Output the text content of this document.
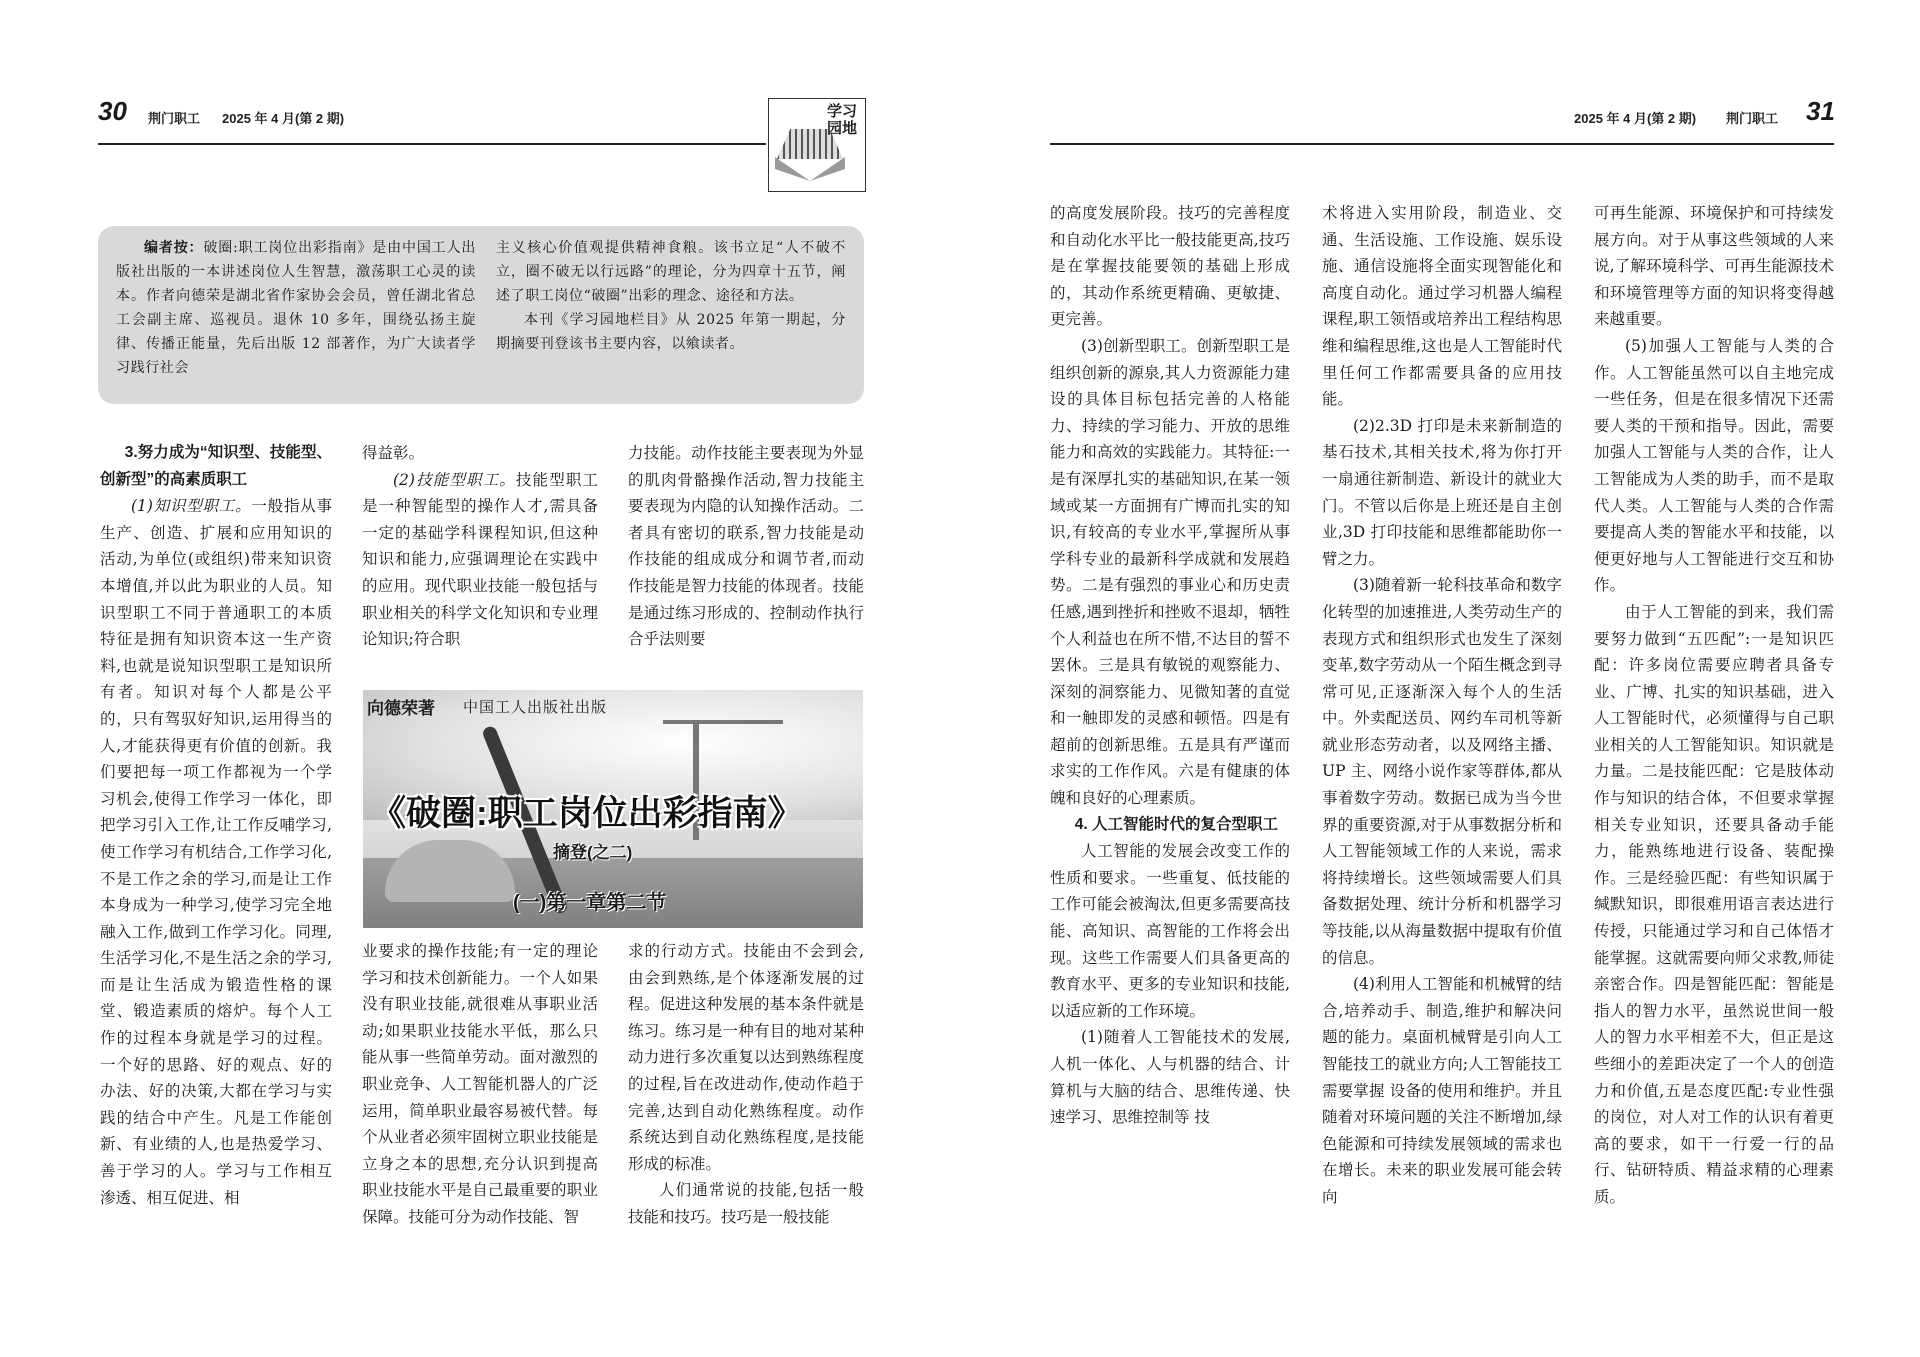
30 荆门职工 2025 年 4 月(第 2 期)	学习
园地
2025 年 4 月(第 2 期) 荆门职工 31

编者按：破圈:职工岗位出彩指南》是由中国工人出版社出版的一本讲述岗位人生智慧，激荡职工心灵的读本。作者向德荣是湖北省作家协会会员，曾任湖北省总工会副主席、巡视员。退休 10 多年，围绕弘扬主旋律、传播正能量，先后出版 12 部著作，为广大读者学习践行社会

主义核心价值观提供精神食粮。该书立足“人不破不立，圈不破无以行远路”的理论，分为四章十五节，阐述了职工岗位“破圈”出彩的理念、途径和方法。

本刊《学习园地栏目》从 2025 年第一期起，分期摘要刊登该书主要内容，以飨读者。

3.努力成为“知识型、技能型、创新型”的高素质职工

(1)知识型职工。一般指从事生产、创造、扩展和应用知识的活动,为单位(或组织)带来知识资本增值,并以此为职业的人员。知识型职工不同于普通职工的本质特征是拥有知识资本这一生产资料,也就是说知识型职工是知识所有者。知识对每个人都是公平的，只有驾驭好知识,运用得当的人,才能获得更有价值的创新。我们要把每一项工作都视为一个学习机会,使得工作学习一体化，即把学习引入工作,让工作反哺学习,使工作学习有机结合,工作学习化,不是工作之余的学习,而是让工作本身成为一种学习,使学习完全地融入工作,做到工作学习化。同理,生活学习化,不是生活之余的学习,而是让生活成为锻造性格的课堂、锻造素质的熔炉。每个人工作的过程本身就是学习的过程。一个好的思路、好的观点、好的办法、好的决策,大都在学习与实践的结合中产生。凡是工作能创新、有业绩的人,也是热爱学习、善于学习的人。学习与工作相互渗透、相互促进、相

得益彰。

(2)技能型职工。技能型职工是一种智能型的操作人才,需具备一定的基础学科课程知识,但这种知识和能力,应强调理论在实践中的应用。现代职业技能一般包括与职业相关的科学文化知识和专业理论知识;符合职

力技能。动作技能主要表现为外显的肌肉骨骼操作活动,智力技能主要表现为内隐的认知操作活动。二者具有密切的联系,智力技能是动作技能的组成成分和调节者,而动作技能是智力技能的体现者。技能是通过练习形成的、控制动作执行合乎法则要

向德荣著 中国工人出版社出版
《破圈:职工岗位出彩指南》
摘登(之二)
(一)第一章第二节

业要求的操作技能;有一定的理论学习和技术创新能力。一个人如果没有职业技能,就很难从事职业活动;如果职业技能水平低，那么只能从事一些简单劳动。面对激烈的职业竞争、人工智能机器人的广泛运用，简单职业最容易被代替。每个从业者必须牢固树立职业技能是立身之本的思想,充分认识到提高职业技能水平是自己最重要的职业保障。技能可分为动作技能、智

求的行动方式。技能由不会到会,由会到熟练,是个体逐渐发展的过程。促进这种发展的基本条件就是练习。练习是一种有目的地对某种动力进行多次重复以达到熟练程度的过程,旨在改进动作,使动作趋于完善,达到自动化熟练程度。动作系统达到自动化熟练程度,是技能形成的标准。

人们通常说的技能,包括一般技能和技巧。技巧是一般技能

的高度发展阶段。技巧的完善程度和自动化水平比一般技能更高,技巧是在掌握技能要领的基础上形成的，其动作系统更精确、更敏捷、更完善。

(3)创新型职工。创新型职工是组织创新的源泉,其人力资源能力建设的具体目标包括完善的人格能力、持续的学习能力、开放的思维能力和高效的实践能力。其特征:一是有深厚扎实的基础知识,在某一领域或某一方面拥有广博而扎实的知识,有较高的专业水平,掌握所从事学科专业的最新科学成就和发展趋势。二是有强烈的事业心和历史责任感,遇到挫折和挫败不退却，牺牲个人利益也在所不惜,不达目的誓不罢休。三是具有敏锐的观察能力、深刻的洞察能力、见微知著的直觉和一触即发的灵感和顿悟。四是有超前的创新思维。五是具有严谨而求实的工作作风。六是有健康的体魄和良好的心理素质。

4. 人工智能时代的复合型职工

人工智能的发展会改变工作的性质和要求。一些重复、低技能的工作可能会被淘汰,但更多需要高技能、高知识、高智能的工作将会出现。这些工作需要人们具备更高的教育水平、更多的专业知识和技能,以适应新的工作环境。

(1)随着人工智能技术的发展,人机一体化、人与机器的结合、计算机与大脑的结合、思维传递、快速学习、思维控制等 技

术将进入实用阶段，制造业、交通、生活设施、工作设施、娱乐设施、通信设施将全面实现智能化和高度自动化。通过学习机器人编程课程,职工领悟或培养出工程结构思维和编程思维,这也是人工智能时代里任何工作都需要具备的应用技能。

(2)2.3D 打印是未来新制造的基石技术,其相关技术,将为你打开一扇通往新制造、新设计的就业大门。不管以后你是上班还是自主创业,3D 打印技能和思维都能助你一臂之力。

(3)随着新一轮科技革命和数字化转型的加速推进,人类劳动生产的表现方式和组织形式也发生了深刻变革,数字劳动从一个陌生概念到寻常可见,正逐渐深入每个人的生活中。外卖配送员、网约车司机等新就业形态劳动者，以及网络主播、UP 主、网络小说作家等群体,都从事着数字劳动。数据已成为当今世界的重要资源,对于从事数据分析和人工智能领域工作的人来说，需求将持续增长。这些领域需要人们具备数据处理、统计分析和机器学习等技能,以从海量数据中提取有价值的信息。

(4)利用人工智能和机械臂的结合,培养动手、制造,维护和解决问题的能力。桌面机械臂是引向人工智能技工的就业方向;人工智能技工需要掌握 设备的使用和维护。并且随着对环境问题的关注不断增加,绿色能源和可持续发展领域的需求也在增长。未来的职业发展可能会转向

可再生能源、环境保护和可持续发展方向。对于从事这些领域的人来说,了解环境科学、可再生能源技术和环境管理等方面的知识将变得越来越重要。

(5)加强人工智能与人类的合作。人工智能虽然可以自主地完成一些任务，但是在很多情况下还需要人类的干预和指导。因此，需要加强人工智能与人类的合作，让人工智能成为人类的助手，而不是取代人类。人工智能与人类的合作需要提高人类的智能水平和技能，以便更好地与人工智能进行交互和协作。

由于人工智能的到来，我们需要努力做到“五匹配”:一是知识匹配：许多岗位需要应聘者具备专业、广博、扎实的知识基础，进入人工智能时代，必须懂得与自己职业相关的人工智能知识。知识就是力量。二是技能匹配：它是肢体动作与知识的结合体，不但要求掌握相关专业知识，还要具备动手能力，能熟练地进行设备、装配操作。三是经验匹配：有些知识属于缄默知识，即很难用语言表达进行传授，只能通过学习和自己体悟才能掌握。这就需要向师父求教,师徒亲密合作。四是智能匹配：智能是指人的智力水平，虽然说世间一般人的智力水平相差不大，但正是这些细小的差距决定了一个人的创造力和价值,五是态度匹配:专业性强的岗位，对人对工作的认识有着更高的要求，如干一行爱一行的品行、钻研特质、精益求精的心理素质。
